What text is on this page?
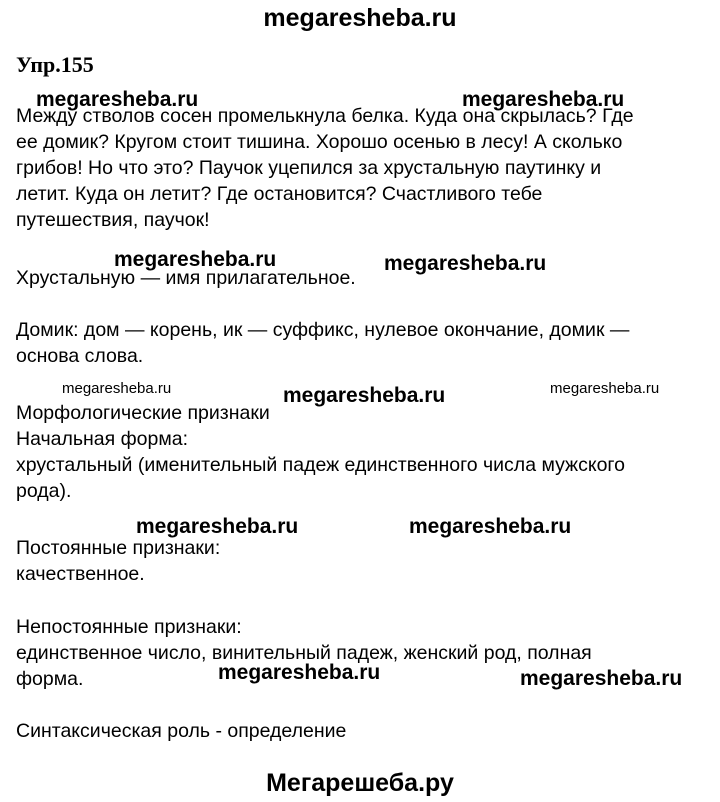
megaresheba.ru
Упр.155
Между стволов сосен промелькнула белка. Куда она скрылась? Где
ее домик? Кругом стоит тишина. Хорошо осенью в лесу! А сколько
грибов! Но что это? Паучок уцепился за хрустальную паутинку и
летит. Куда он летит? Где остановится? Счастливого тебе
путешествия, паучок!
Хрустальную — имя прилагательное.
Домик: дом — корень, ик — суффикс, нулевое окончание, домик —
основа слова.
Морфологические признаки
Начальная форма:
хрустальный (именительный падеж единственного числа мужского
рода).
Постоянные признаки:
качественное.
Непостоянные признаки:
единственное число, винительный падеж, женский род, полная
форма.
Синтаксическая роль - определение
megaresheba.ru	megaresheba.ru
megaresheba.ru	megaresheba.ru
megaresheba.ru	megaresheba.ru	megaresheba.ru
megaresheba.ru	megaresheba.ru
megaresheba.ru	megaresheba.ru
Мегарешеба.ру
